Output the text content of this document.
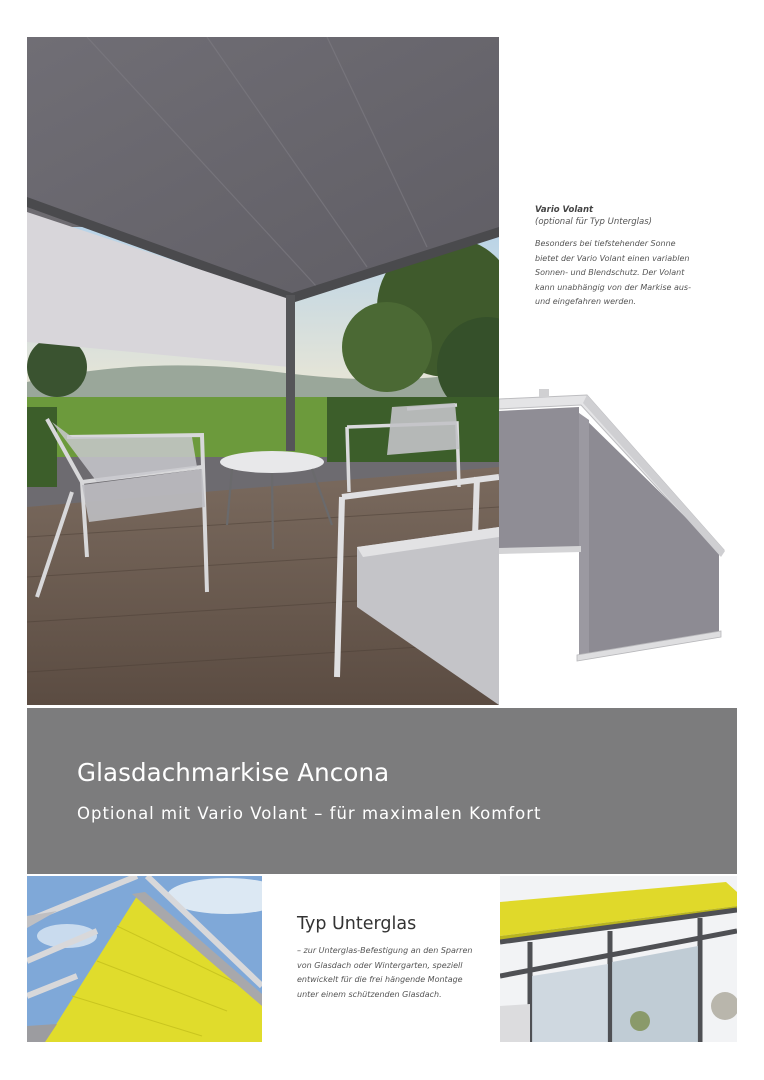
Vario Volant
(optional für Typ Unterglas)
Besonders bei tiefstehender Sonne
bietet der Vario Volant einen variablen
Sonnen- und Blendschutz. Der Volant
kann unabhängig von der Markise aus-
und eingefahren werden.
Glasdachmarkise Ancona
Optional mit Vario Volant – für maximalen Komfort
Typ Unterglas
– zur Unterglas-Befestigung an den Sparren
von Glasdach oder Wintergarten, speziell
entwickelt für die frei hängende Montage
unter einem schützenden Glasdach.
